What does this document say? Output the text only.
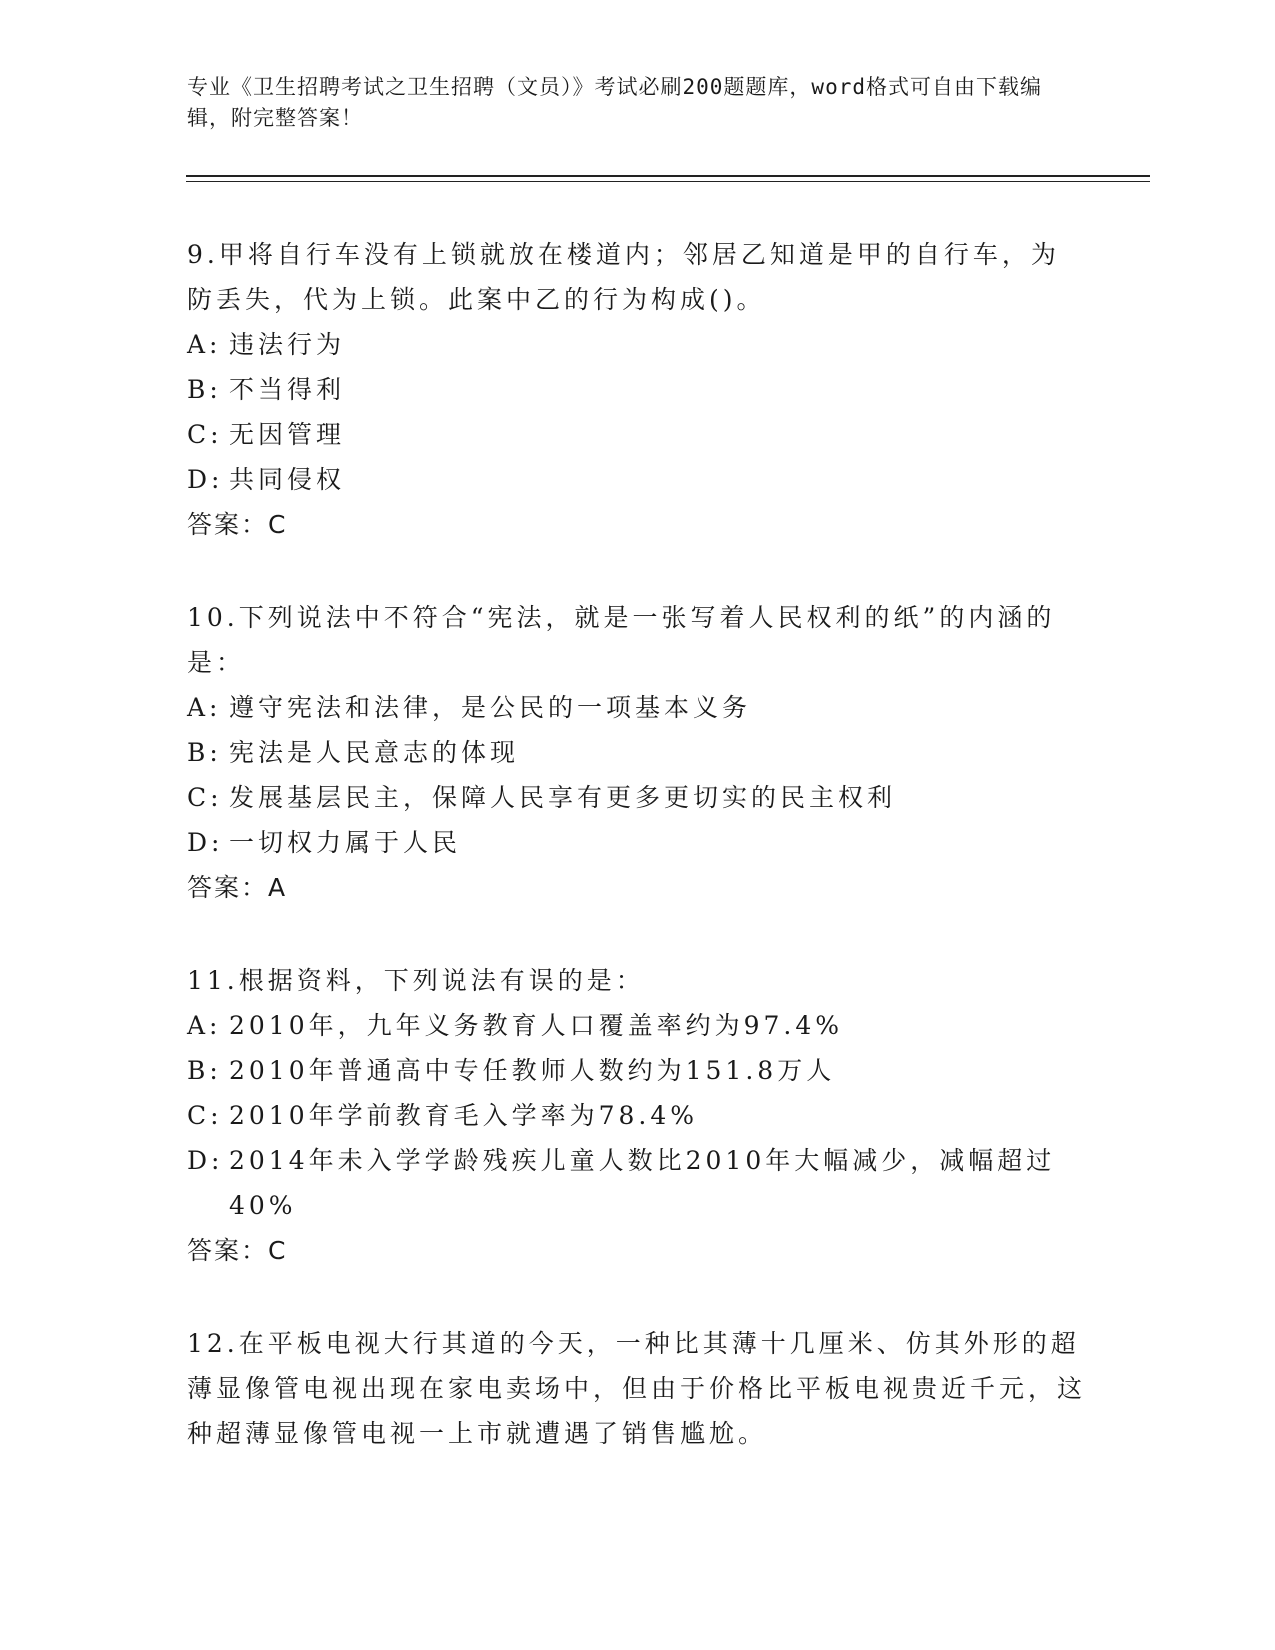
专业《卫生招聘考试之卫生招聘（文员）》考试必刷200题题库，word格式可自由下载编辑，附完整答案！

9.甲将自行车没有上锁就放在楼道内；邻居乙知道是甲的自行车，为防丢失，代为上锁。此案中乙的行为构成()。

A: 违法行为

B: 不当得利

C: 无因管理

D: 共同侵权

答案：C

10.下列说法中不符合“宪法，就是一张写着人民权利的纸”的内涵的是：

A: 遵守宪法和法律，是公民的一项基本义务

B: 宪法是人民意志的体现

C: 发展基层民主，保障人民享有更多更切实的民主权利

D: 一切权力属于人民

答案：A

11.根据资料，下列说法有误的是：

A: 2010年，九年义务教育人口覆盖率约为97.4%

B: 2010年普通高中专任教师人数约为151.8万人

C: 2010年学前教育毛入学率为78.4%

D: 2014年未入学学龄残疾儿童人数比2010年大幅减少，减幅超过40%

答案：C

12.在平板电视大行其道的今天，一种比其薄十几厘米、仿其外形的超薄显像管电视出现在家电卖场中，但由于价格比平板电视贵近千元，这种超薄显像管电视一上市就遭遇了销售尴尬。
